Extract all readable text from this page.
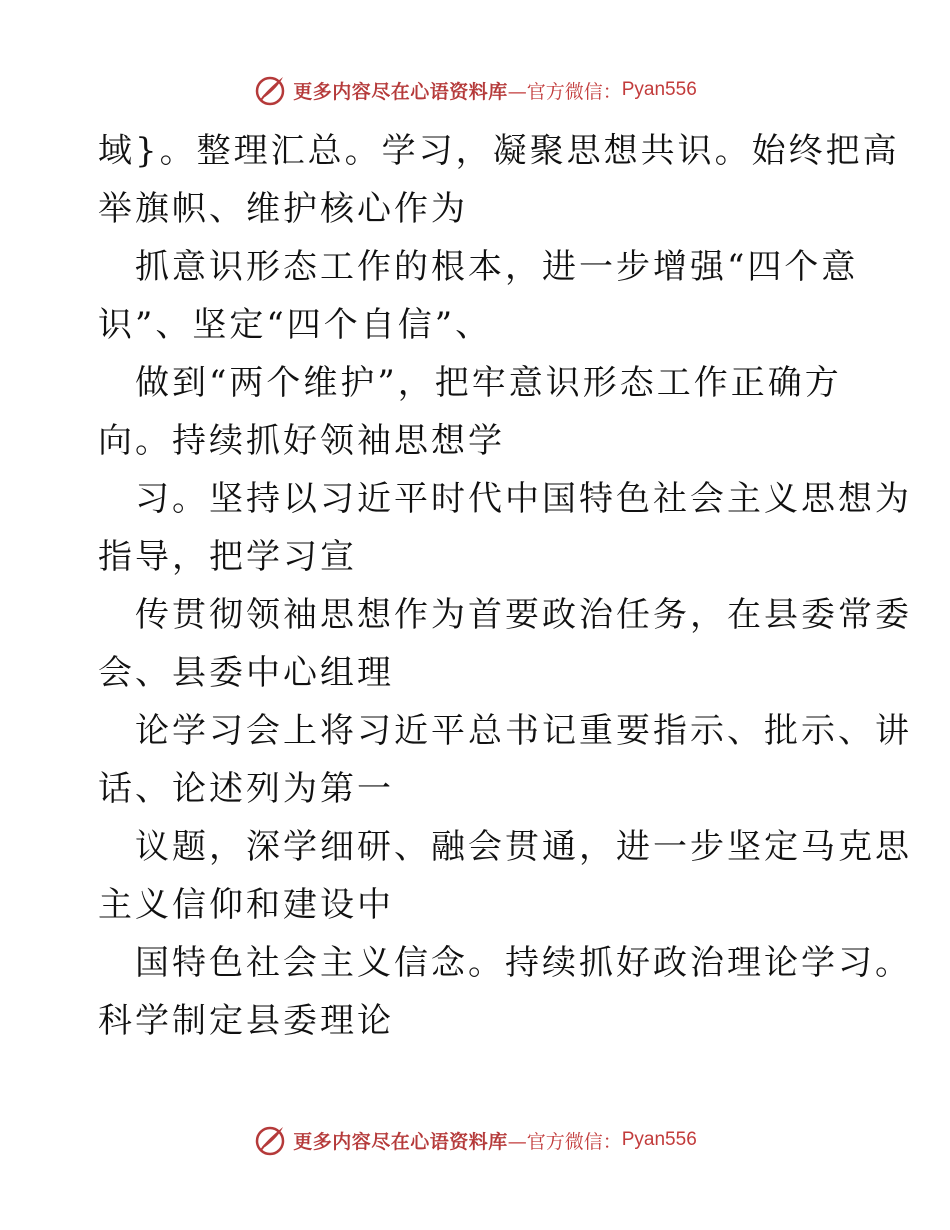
更多内容尽在心语资料库 —官方微信： Pyan556
域}。整理汇总。学习，凝聚思想共识。始终把高
举旗帜、维护核心作为
抓意识形态工作的根本，进一步增强“四个意
识”、坚定“四个自信”、
做到“两个维护”，把牢意识形态工作正确方
向。持续抓好领袖思想学
习。坚持以习近平时代中国特色社会主义思想为
指导，把学习宣
传贯彻领袖思想作为首要政治任务，在县委常委
会、县委中心组理
论学习会上将习近平总书记重要指示、批示、讲
话、论述列为第一
议题，深学细研、融会贯通，进一步坚定马克思
主义信仰和建设中
国特色社会主义信念。持续抓好政治理论学习。
科学制定县委理论
更多内容尽在心语资料库 —官方微信： Pyan556
